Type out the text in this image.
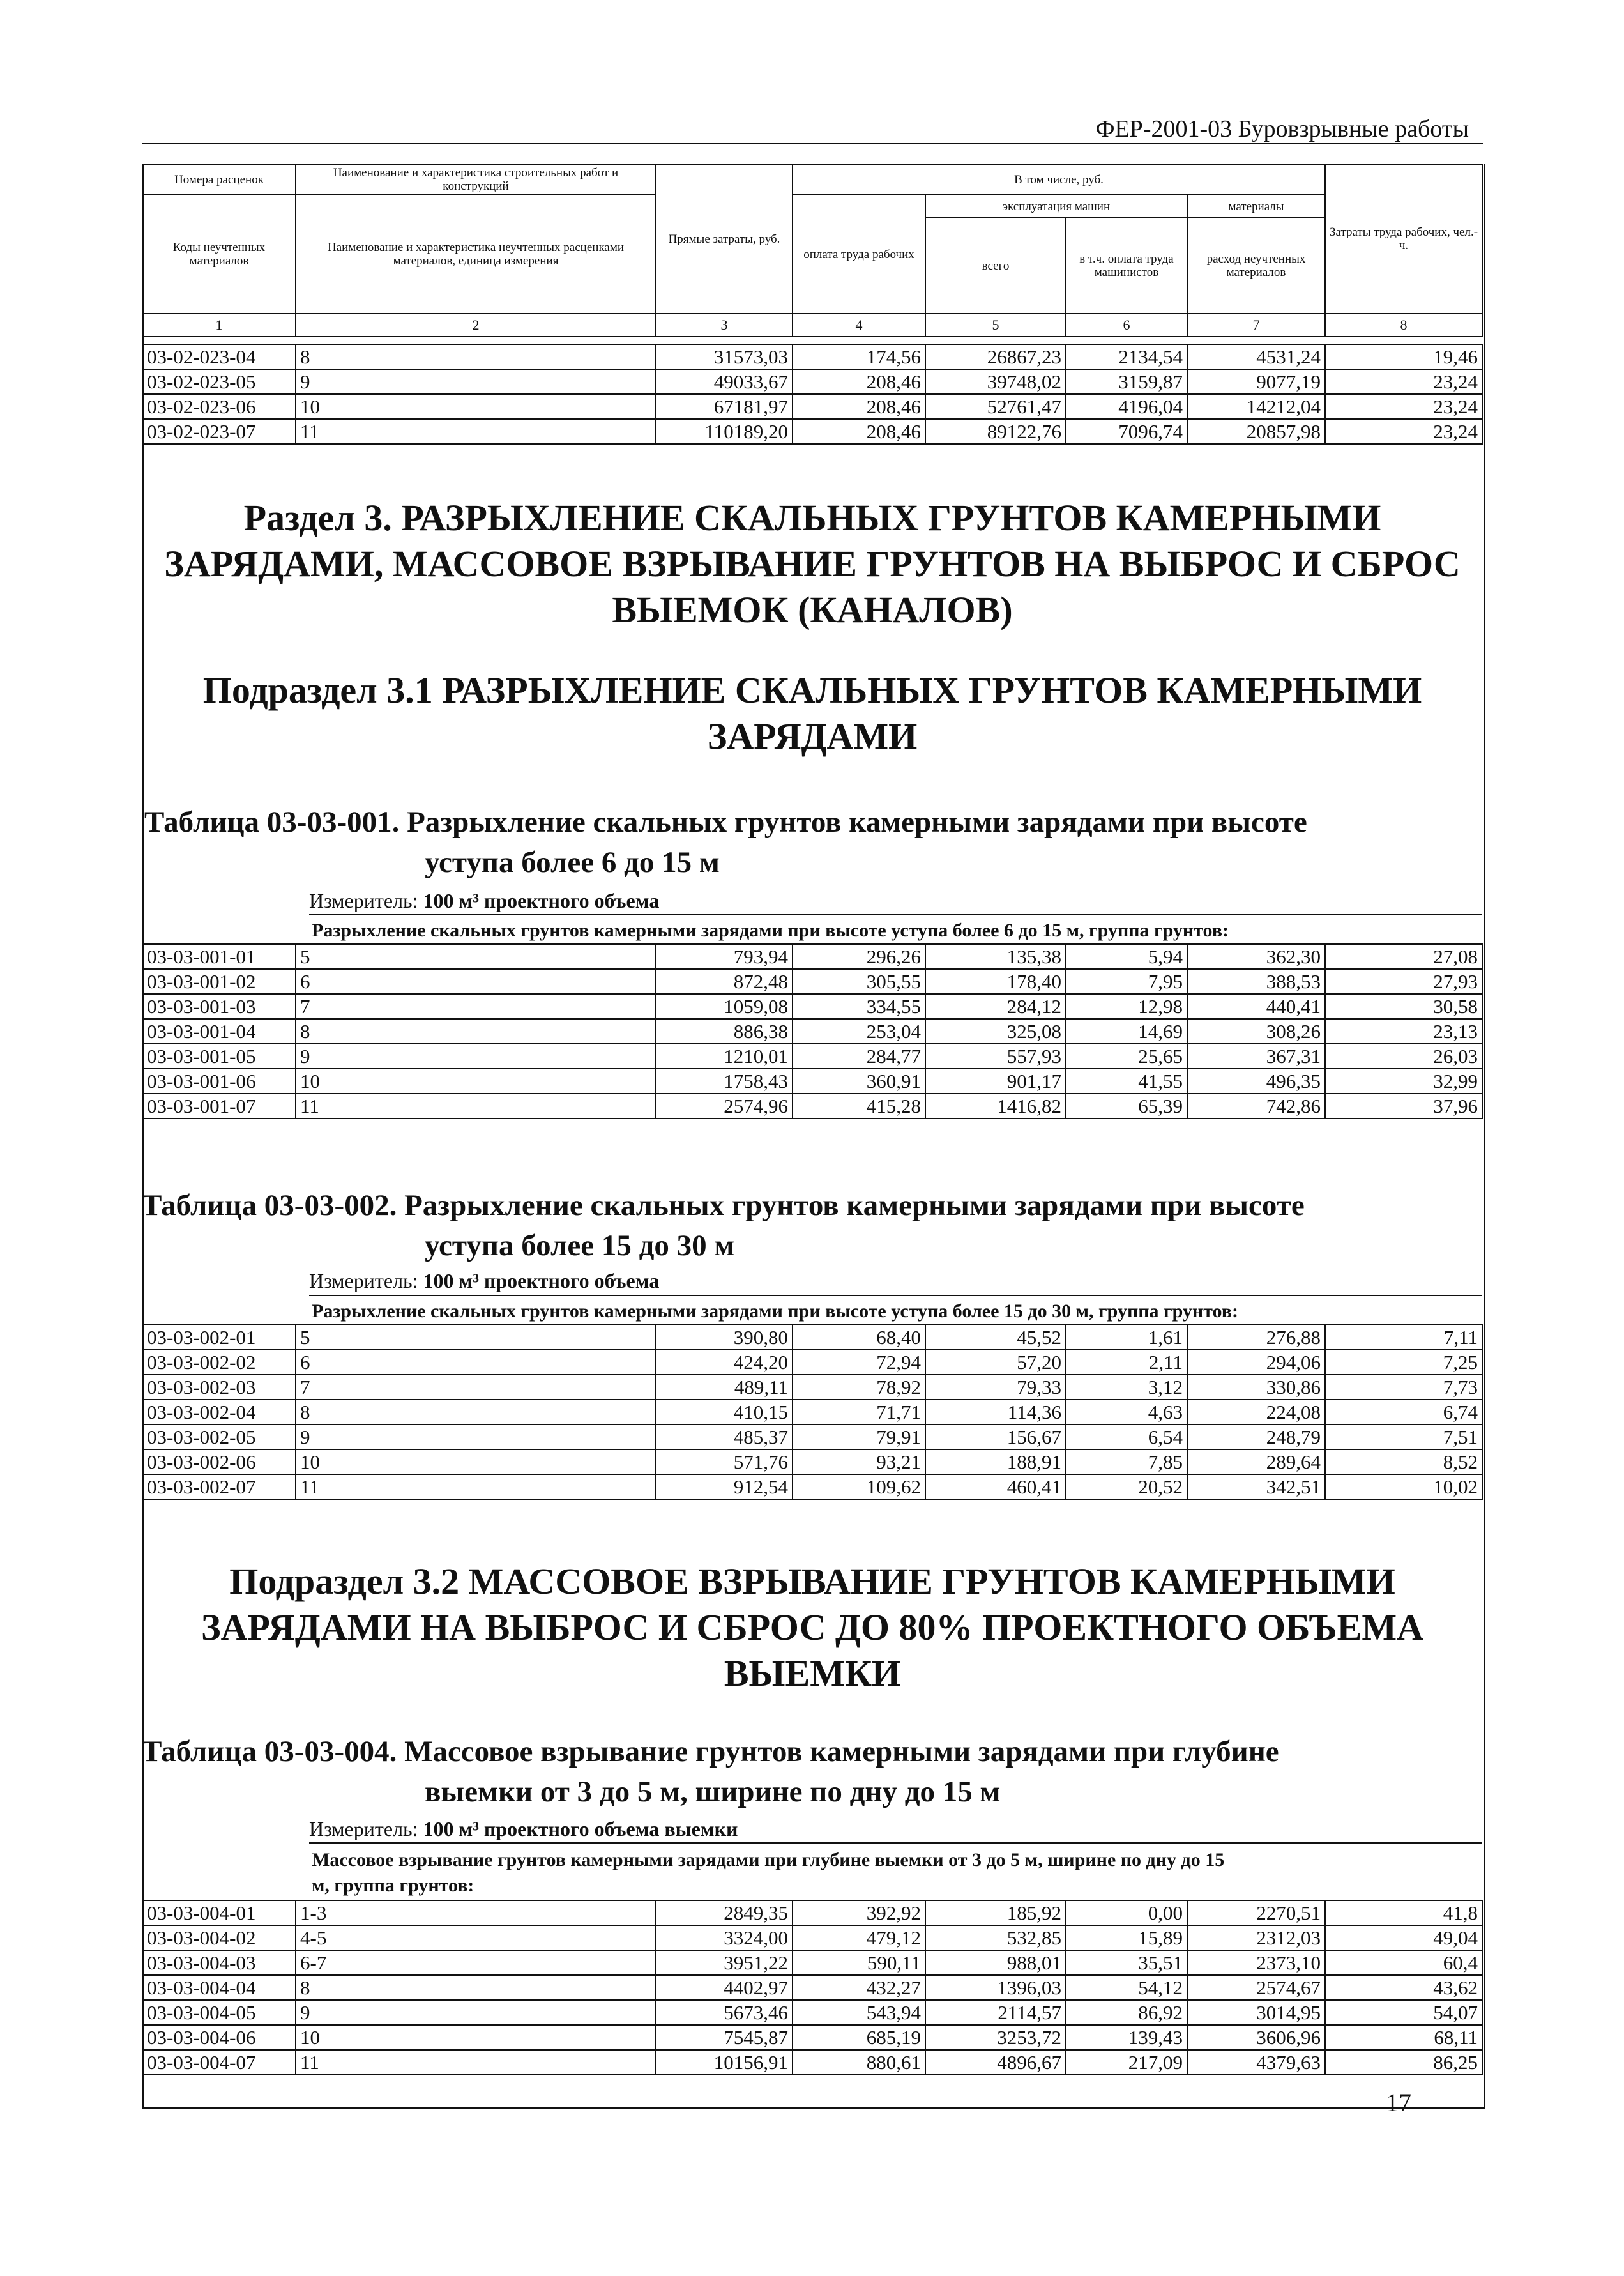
ФЕР-2001-03 Буровзрывные работы
Номера расценок	Наименование и характеристика строительных работ и конструкций	Прямые затраты, руб.	В том числе, руб.				Затраты труда рабочих, чел.-ч.
Коды неучтенных материалов	Наименование и характеристика неучтенных расценками материалов, единица измерения		оплата труда рабочих	эксплуатация машин		материалы	
				всего	в т.ч. оплата труда машинистов	расход неучтенных материалов	
1	2	3	4	5	6	7	8
03-02-023-04	8	31573,03	174,56	26867,23	2134,54	4531,24	19,46
03-02-023-05	9	49033,67	208,46	39748,02	3159,87	9077,19	23,24
03-02-023-06	10	67181,97	208,46	52761,47	4196,04	14212,04	23,24
03-02-023-07	11	110189,20	208,46	89122,76	7096,74	20857,98	23,24
Раздел 3. РАЗРЫХЛЕНИЕ СКАЛЬНЫХ ГРУНТОВ КАМЕРНЫМИ
ЗАРЯДАМИ, МАССОВОЕ ВЗРЫВАНИЕ ГРУНТОВ НА ВЫБРОС И СБРОС
ВЫЕМОК (КАНАЛОВ)
Подраздел 3.1 РАЗРЫХЛЕНИЕ СКАЛЬНЫХ ГРУНТОВ КАМЕРНЫМИ
ЗАРЯДАМИ
Таблица 03-03-001. Разрыхление скальных грунтов камерными зарядами при высоте
уступа более 6 до 15 м
Измеритель: 100 м³ проектного объема
Разрыхление скальных грунтов камерными зарядами при высоте уступа более 6 до 15 м, группа грунтов:
03-03-001-01	5	793,94	296,26	135,38	5,94	362,30	27,08
03-03-001-02	6	872,48	305,55	178,40	7,95	388,53	27,93
03-03-001-03	7	1059,08	334,55	284,12	12,98	440,41	30,58
03-03-001-04	8	886,38	253,04	325,08	14,69	308,26	23,13
03-03-001-05	9	1210,01	284,77	557,93	25,65	367,31	26,03
03-03-001-06	10	1758,43	360,91	901,17	41,55	496,35	32,99
03-03-001-07	11	2574,96	415,28	1416,82	65,39	742,86	37,96
Таблица 03-03-002. Разрыхление скальных грунтов камерными зарядами при высоте
уступа более 15 до 30 м
Измеритель: 100 м³ проектного объема
Разрыхление скальных грунтов камерными зарядами при высоте уступа более 15 до 30 м, группа грунтов:
03-03-002-01	5	390,80	68,40	45,52	1,61	276,88	7,11
03-03-002-02	6	424,20	72,94	57,20	2,11	294,06	7,25
03-03-002-03	7	489,11	78,92	79,33	3,12	330,86	7,73
03-03-002-04	8	410,15	71,71	114,36	4,63	224,08	6,74
03-03-002-05	9	485,37	79,91	156,67	6,54	248,79	7,51
03-03-002-06	10	571,76	93,21	188,91	7,85	289,64	8,52
03-03-002-07	11	912,54	109,62	460,41	20,52	342,51	10,02
Подраздел 3.2 МАССОВОЕ ВЗРЫВАНИЕ ГРУНТОВ КАМЕРНЫМИ
ЗАРЯДАМИ НА ВЫБРОС И СБРОС ДО 80% ПРОЕКТНОГО ОБЪЕМА
ВЫЕМКИ
Таблица 03-03-004. Массовое взрывание грунтов камерными зарядами при глубине
выемки от 3 до 5 м, ширине по дну до 15 м
Измеритель: 100 м³ проектного объема выемки
Массовое взрывание грунтов камерными зарядами при глубине выемки от 3 до 5 м, ширине по дну до 15
м, группа грунтов:
03-03-004-01	1-3	2849,35	392,92	185,92	0,00	2270,51	41,8
03-03-004-02	4-5	3324,00	479,12	532,85	15,89	2312,03	49,04
03-03-004-03	6-7	3951,22	590,11	988,01	35,51	2373,10	60,4
03-03-004-04	8	4402,97	432,27	1396,03	54,12	2574,67	43,62
03-03-004-05	9	5673,46	543,94	2114,57	86,92	3014,95	54,07
03-03-004-06	10	7545,87	685,19	3253,72	139,43	3606,96	68,11
03-03-004-07	11	10156,91	880,61	4896,67	217,09	4379,63	86,25
17
